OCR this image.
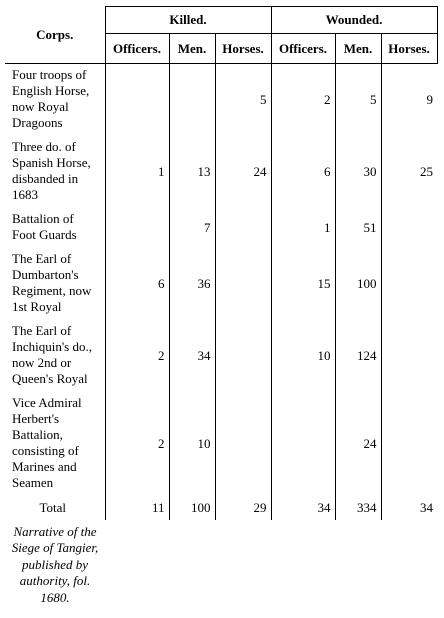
Corps.	Killed.			Wounded.		
	Officers.	Men.	Horses.	Officers.	Men.	Horses.
Four troops of English Horse, now Royal Dragoons			5	2	5	9
Three do. of Spanish Horse, disbanded in 1683	1	13	24	6	30	25
Battalion of Foot Guards		7		1	51	
The Earl of Dumbarton's Regiment, now 1st Royal	6	36		15	100	
The Earl of Inchiquin's do., now 2nd or Queen's Royal	2	34		10	124	
Vice Admiral Herbert's Battalion, consisting of Marines and Seamen	2	10			24	
Total	11	100	29	34	334	34
Narrative of the Siege of Tangier, published by authority, fol. 1680.						
